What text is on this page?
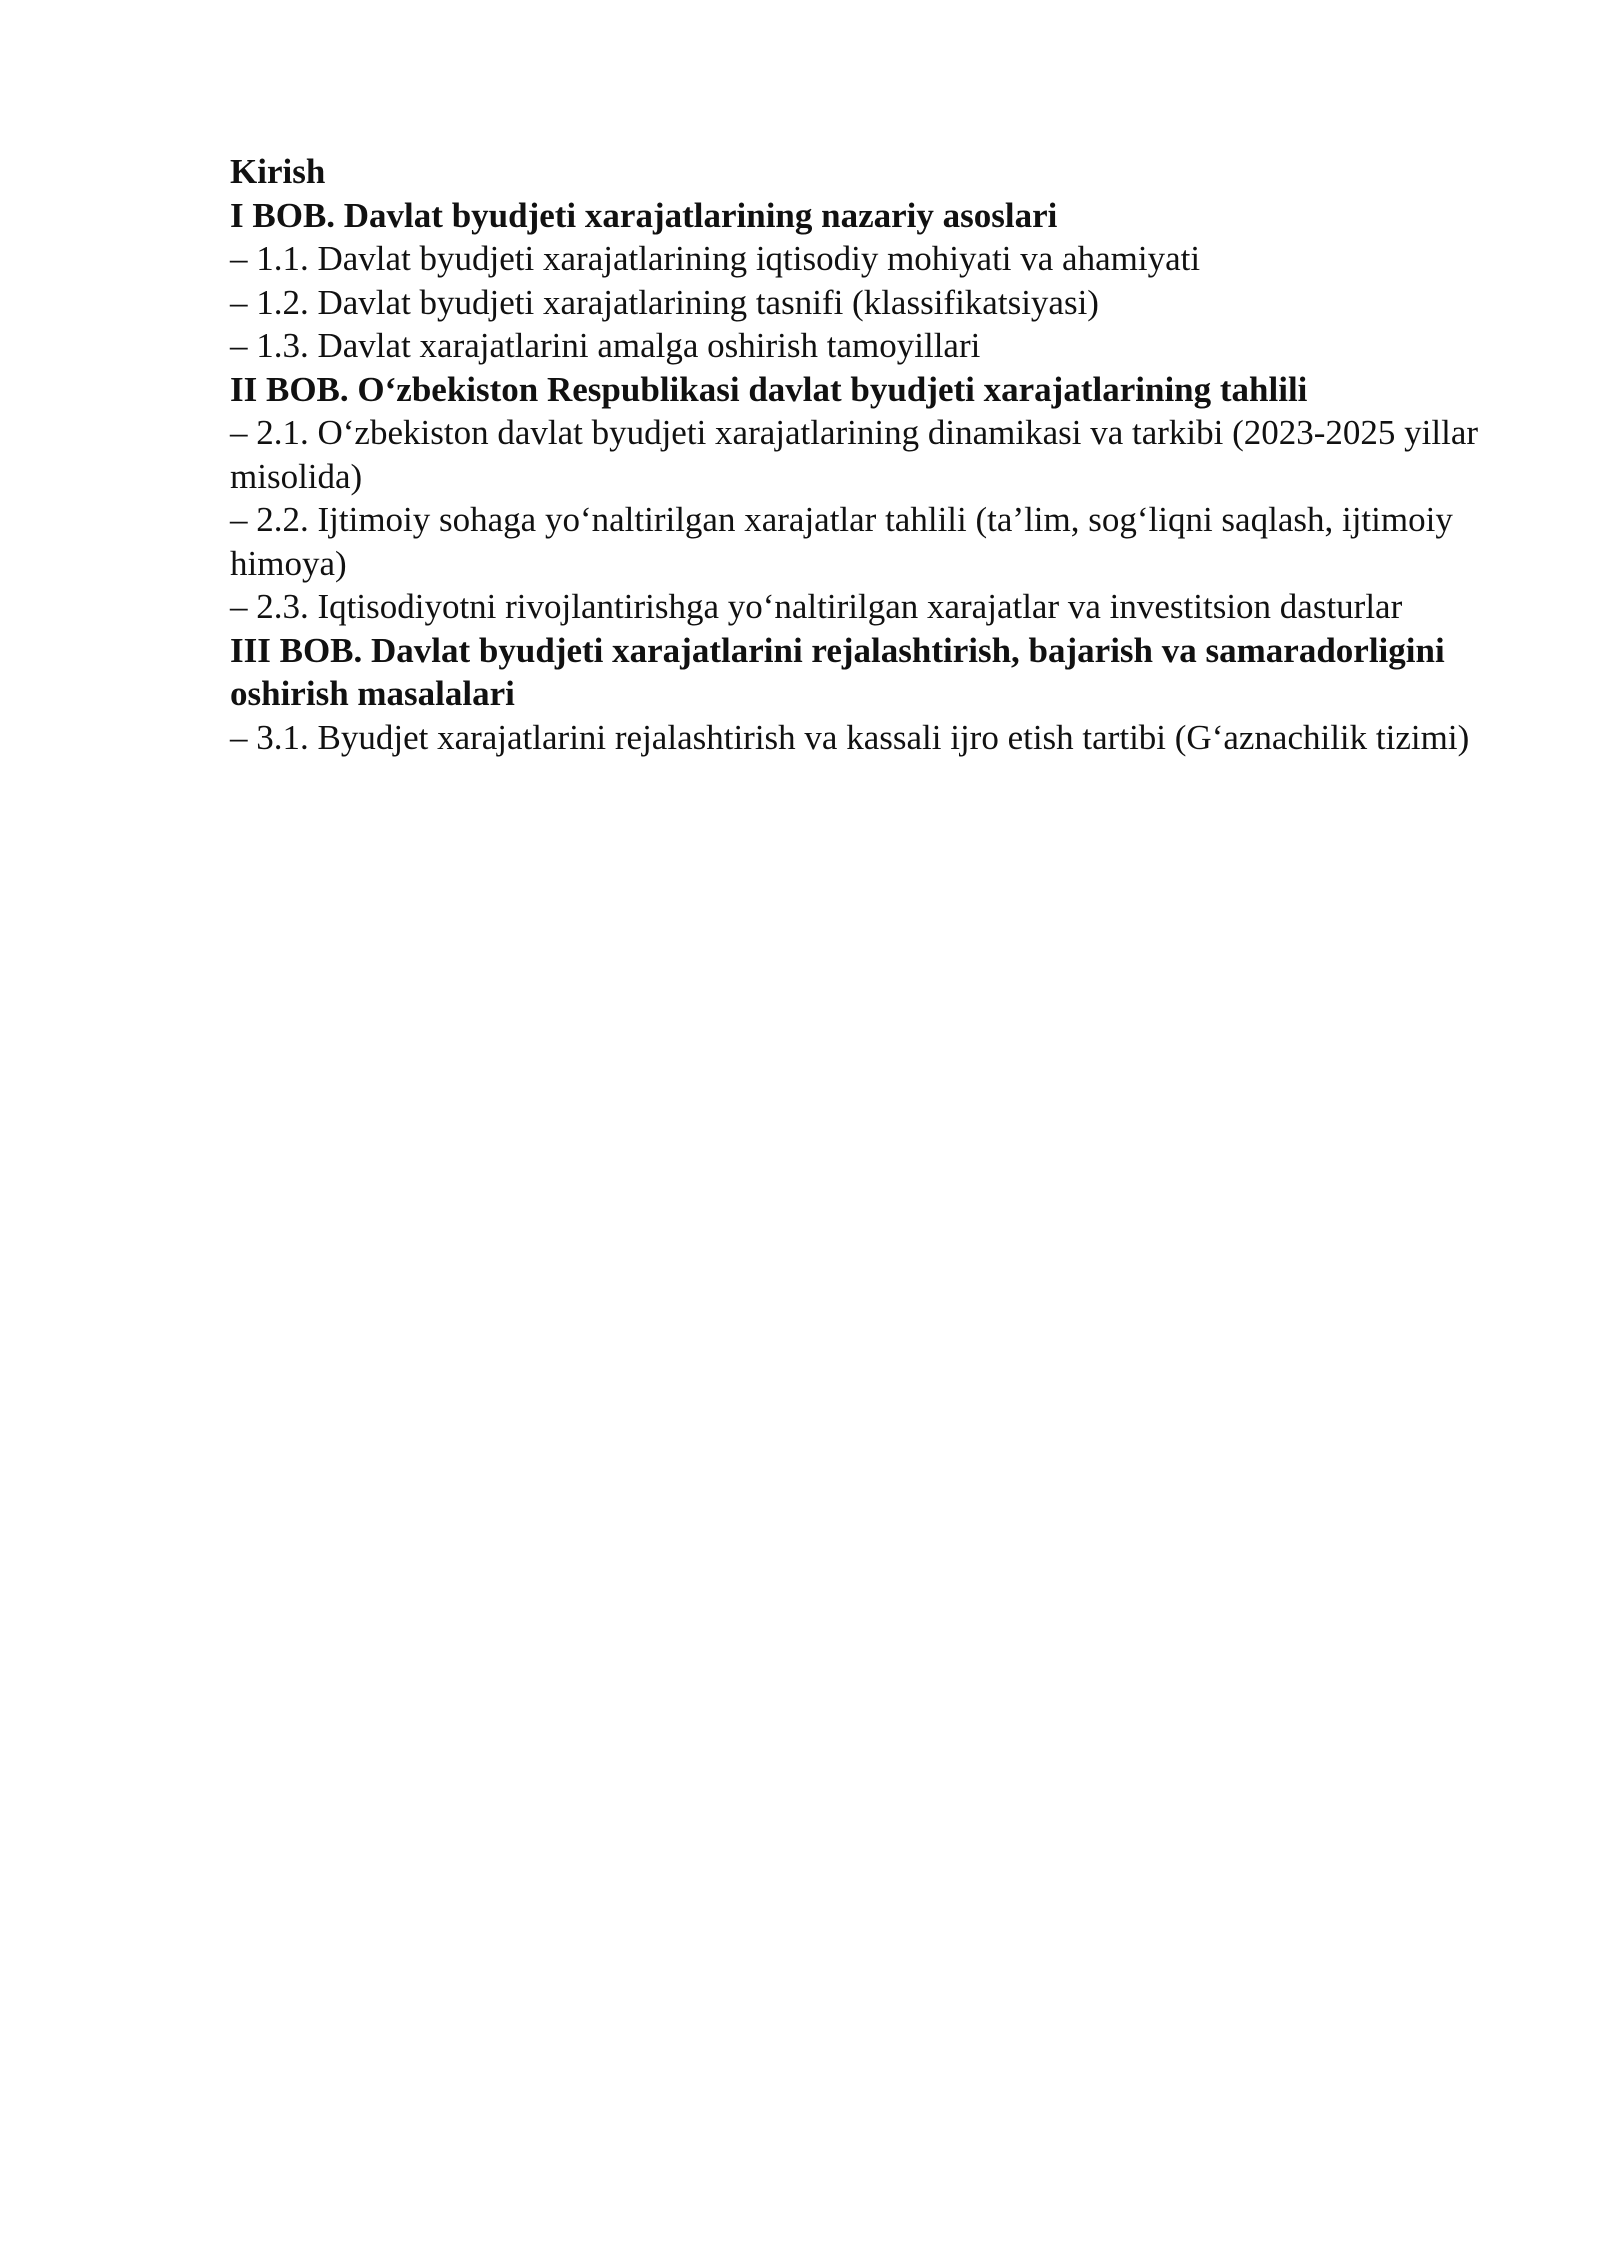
Kirish

I BOB. Davlat byudjeti xarajatlarining nazariy asoslari

– 1.1. Davlat byudjeti xarajatlarining iqtisodiy mohiyati va ahamiyati

– 1.2. Davlat byudjeti xarajatlarining tasnifi (klassifikatsiyasi)

– 1.3. Davlat xarajatlarini amalga oshirish tamoyillari

II BOB. O‘zbekiston Respublikasi davlat byudjeti xarajatlarining tahlili

– 2.1. O‘zbekiston davlat byudjeti xarajatlarining dinamikasi va tarkibi (2023-2025 yillar misolida)

– 2.2. Ijtimoiy sohaga yo‘naltirilgan xarajatlar tahlili (ta’lim, sog‘liqni saqlash, ijtimoiy himoya)

– 2.3. Iqtisodiyotni rivojlantirishga yo‘naltirilgan xarajatlar va investitsion dasturlar

III BOB. Davlat byudjeti xarajatlarini rejalashtirish, bajarish va samaradorligini oshirish masalalari

– 3.1. Byudjet xarajatlarini rejalashtirish va kassali ijro etish tartibi (G‘aznachilik tizimi)
